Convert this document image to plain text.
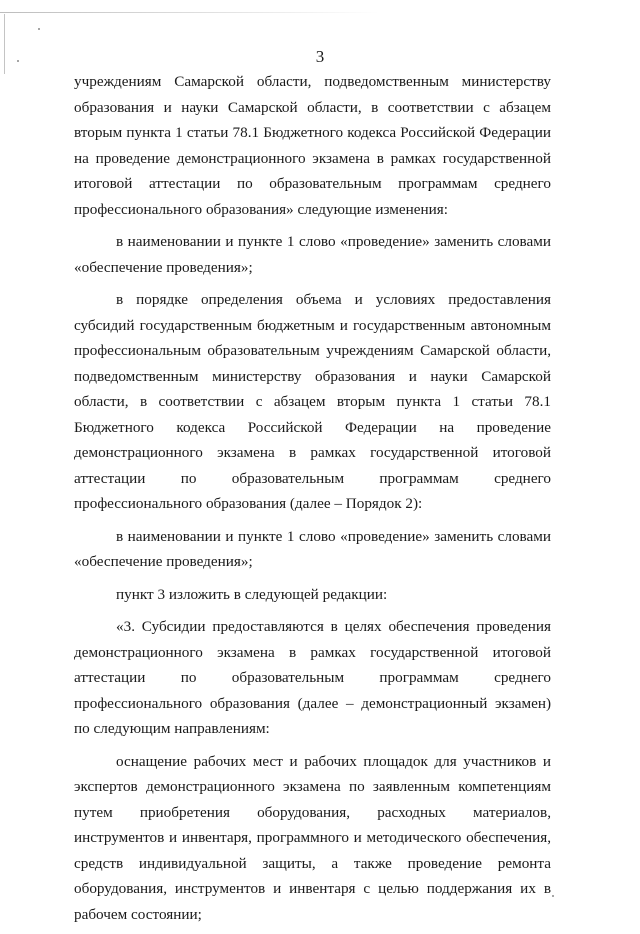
3

учреждениям Самарской области, подведомственным министерству образования и науки Самарской области, в соответствии с абзацем вторым пункта 1 статьи 78.1 Бюджетного кодекса Российской Федерации на проведение демонстрационного экзамена в рамках государственной итоговой аттестации по образовательным программам среднего профессионального образования» следующие изменения:

в наименовании и пункте 1 слово «проведение» заменить словами «обеспечение проведения»;

в порядке определения объема и условиях предоставления субсидий государственным бюджетным и государственным автономным профессиональным образовательным учреждениям Самарской области, подведомственным министерству образования и науки Самарской области, в соответствии с абзацем вторым пункта 1 статьи 78.1 Бюджетного кодекса Российской Федерации на проведение демонстрационного экзамена в рамках государственной итоговой аттестации по образовательным программам среднего профессионального образования (далее – Порядок 2):

в наименовании и пункте 1 слово «проведение» заменить словами «обеспечение проведения»;

пункт 3 изложить в следующей редакции:

«3. Субсидии предоставляются в целях обеспечения проведения демонстрационного экзамена в рамках государственной итоговой аттестации по образовательным программам среднего профессионального образования (далее – демонстрационный экзамен) по следующим направлениям:

оснащение рабочих мест и рабочих площадок для участников и экспертов демонстрационного экзамена по заявленным компетенциям путем приобретения оборудования, расходных материалов, инструментов и инвентаря, программного и методического обеспечения, средств индивидуальной защиты, а также проведение ремонта оборудования, инструментов и инвентаря с целью поддержания их в рабочем состоянии;
